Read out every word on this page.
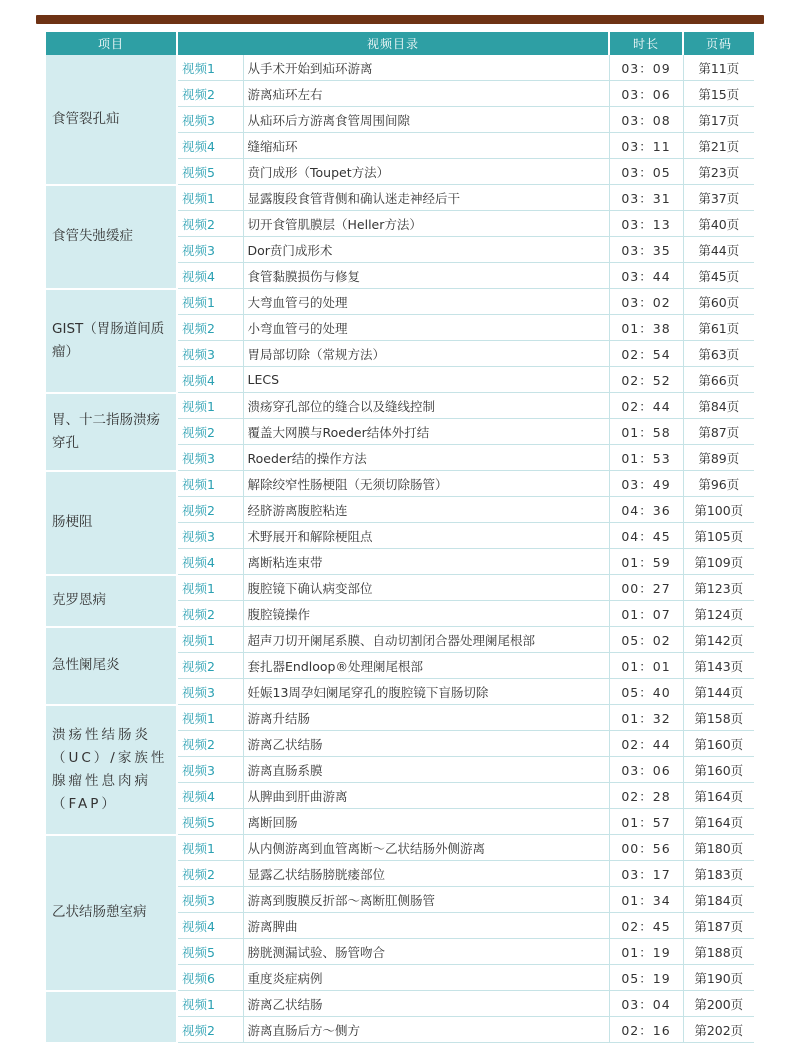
项目	视频目录		时长	页码
食管裂孔疝	视频1	从手术开始到疝环游离	03：09	第11页
	视频2	游离疝环左右	03：06	第15页
	视频3	从疝环后方游离食管周围间隙	03：08	第17页
	视频4	缝缩疝环	03：11	第21页
	视频5	贲门成形（Toupet方法）	03：05	第23页
食管失弛缓症	视频1	显露腹段食管背侧和确认迷走神经后干	03：31	第37页
	视频2	切开食管肌膜层（Heller方法）	03：13	第40页
	视频3	Dor贲门成形术	03：35	第44页
	视频4	食管黏膜损伤与修复	03：44	第45页
GIST（胃肠道间质瘤）	视频1	大弯血管弓的处理	03：02	第60页
	视频2	小弯血管弓的处理	01：38	第61页
	视频3	胃局部切除（常规方法）	02：54	第63页
	视频4	LECS	02：52	第66页
胃、十二指肠溃疡穿孔	视频1	溃疡穿孔部位的缝合以及缝线控制	02：44	第84页
	视频2	覆盖大网膜与Roeder结体外打结	01：58	第87页
	视频3	Roeder结的操作方法	01：53	第89页
肠梗阻	视频1	解除绞窄性肠梗阻（无须切除肠管）	03：49	第96页
	视频2	经脐游离腹腔粘连	04：36	第100页
	视频3	术野展开和解除梗阻点	04：45	第105页
	视频4	离断粘连束带	01：59	第109页
克罗恩病	视频1	腹腔镜下确认病变部位	00：27	第123页
	视频2	腹腔镜操作	01：07	第124页
急性阑尾炎	视频1	超声刀切开阑尾系膜、自动切割闭合器处理阑尾根部	05：02	第142页
	视频2	套扎器Endloop®处理阑尾根部	01：01	第143页
	视频3	妊娠13周孕妇阑尾穿孔的腹腔镜下盲肠切除	05：40	第144页
溃疡性结肠炎（UC）/家族性腺瘤性息肉病（FAP）	视频1	游离升结肠	01：32	第158页
	视频2	游离乙状结肠	02：44	第160页
	视频3	游离直肠系膜	03：06	第160页
	视频4	从脾曲到肝曲游离	02：28	第164页
	视频5	离断回肠	01：57	第164页
乙状结肠憩室病	视频1	从内侧游离到血管离断～乙状结肠外侧游离	00：56	第180页
	视频2	显露乙状结肠膀胱瘘部位	03：17	第183页
	视频3	游离到腹膜反折部～离断肛侧肠管	01：34	第184页
	视频4	游离脾曲	02：45	第187页
	视频5	膀胱测漏试验、肠管吻合	01：19	第188页
	视频6	重度炎症病例	05：19	第190页
	视频1	游离乙状结肠	03：04	第200页
	视频2	游离直肠后方～侧方	02：16	第202页
